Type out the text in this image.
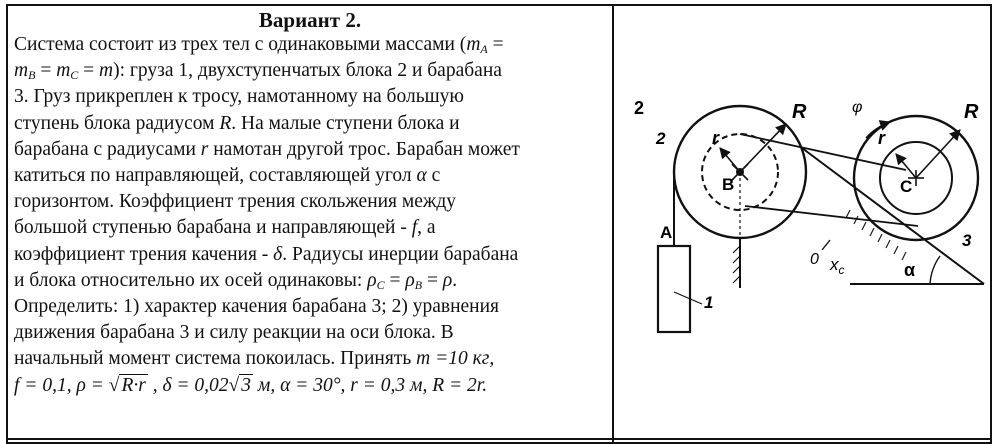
Вариант 2.

Система состоит из трех тел с одинаковыми массами ($m_A$ =

$m_B = m_C = m$): груза 1, двухступенчатых блока 2 и барабана

3. Груз прикреплен к тросу, намотанному на большую

ступень блока радиусом R. На малые ступени блока и

барабана с радиусами r намотан другой трос. Барабан может

катиться по направляющей, составляющей угол α с

горизонтом. Коэффициент трения скольжения между

большой ступенью барабана и направляющей - f, а

коэффициент трения качения - δ. Радиусы инерции барабана

и блока относительно их осей одинаковы: $\rho_C = \rho_B = \rho$.

Определить: 1) характер качения барабана 3; 2) уравнения

движения барабана 3 и силу реакции на оси блока. В

начальный момент система покоилась. Принять m =10 кг,

f = 0,1, ρ = √ R·r , δ = 0,02√ 3 м, α = 30°, r = 0,3 м, R = 2r.

2
2
R
r
B
A
1
R
r
C
3
φ
α
0 $x_c$
